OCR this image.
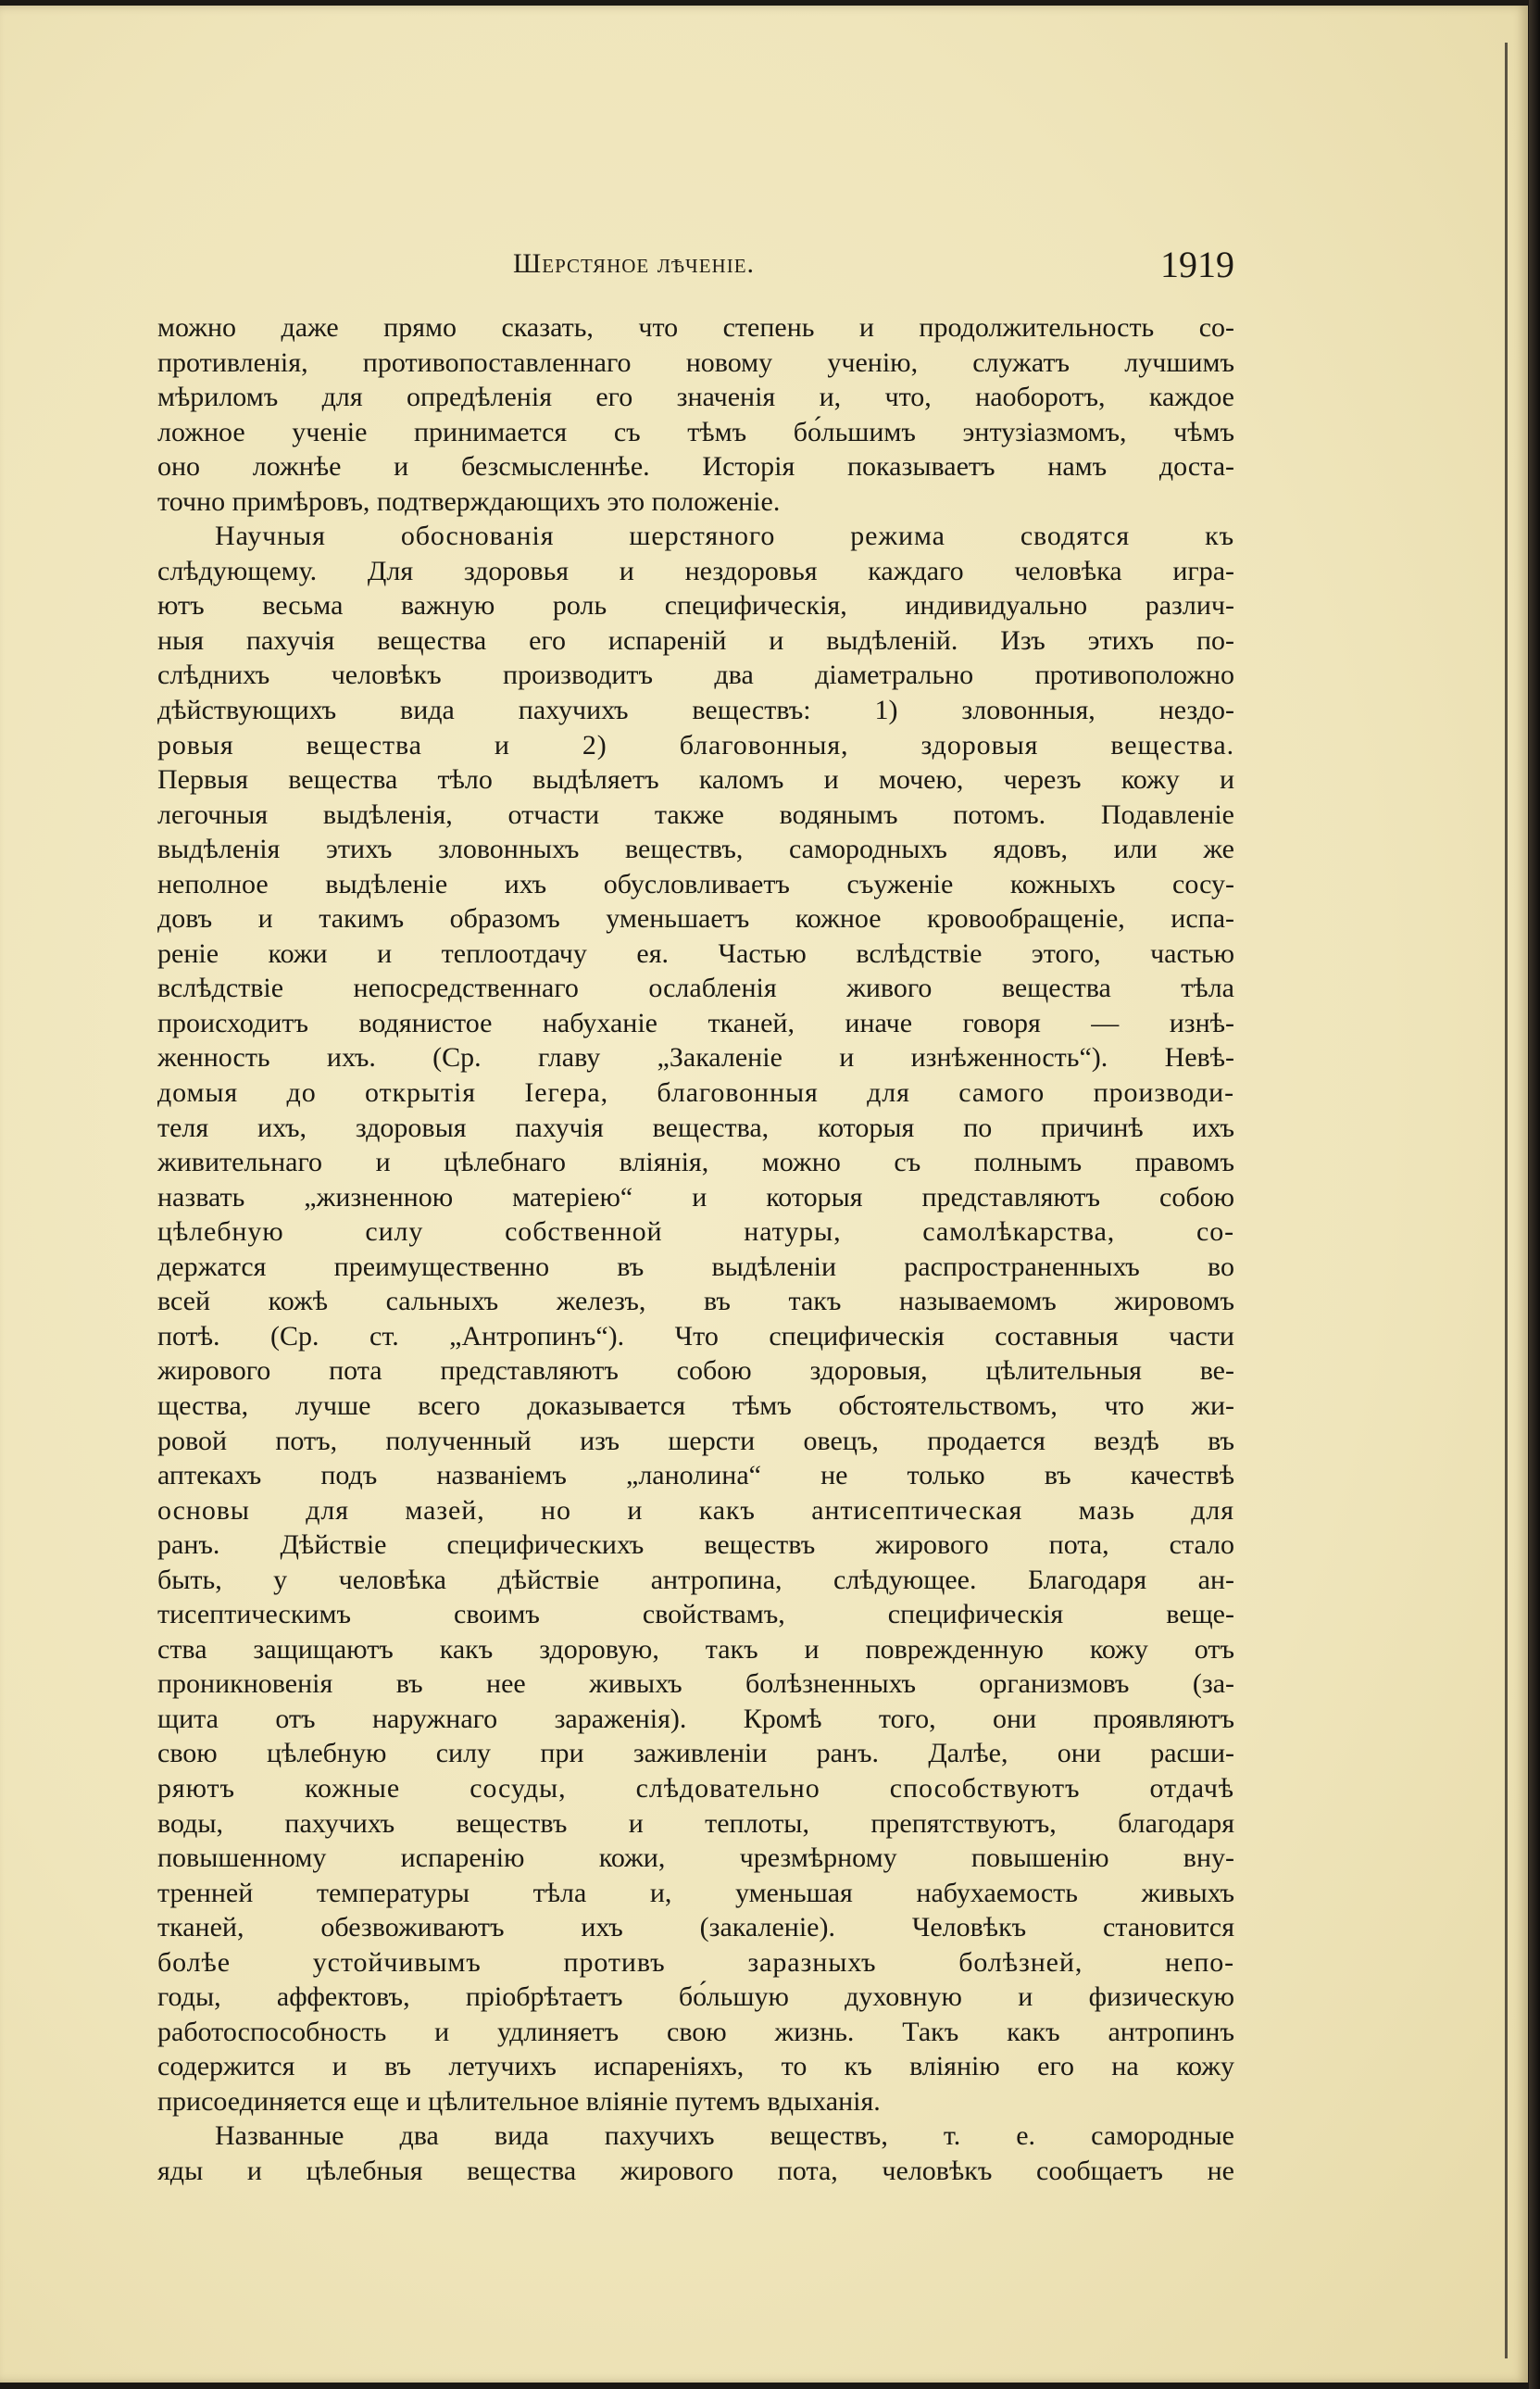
Шерстяное лѣченіе.	1919
можно даже прямо сказать, что степень и продолжительность со-
противленія, противопоставленнаго новому ученію, служатъ лучшимъ
мѣриломъ для опредѣленія его значенія и, что, наоборотъ, каждое
ложное ученіе принимается съ тѣмъ бо́льшимъ энтузіазмомъ, чѣмъ
оно ложнѣе и безсмысленнѣе. Исторія показываетъ намъ доста-
точно примѣровъ, подтверждающихъ это положеніе.
Научныя обоснованія шерстяного режима сводятся къ
слѣдующему. Для здоровья и нездоровья каждаго человѣка игра-
ютъ весьма важную роль специфическія, индивидуально различ-
ныя пахучія вещества его испареній и выдѣленій. Изъ этихъ по-
слѣднихъ человѣкъ производитъ два діаметрально противоположно
дѣйствующихъ вида пахучихъ веществъ: 1) зловонныя, нездо-
ровыя вещества и 2) благовонныя, здоровыя вещества.
Первыя вещества тѣло выдѣляетъ каломъ и мочею, черезъ кожу и
легочныя выдѣленія, отчасти также водянымъ потомъ. Подавленіе
выдѣленія этихъ зловонныхъ веществъ, самородныхъ ядовъ, или же
неполное выдѣленіе ихъ обусловливаетъ съуженіе кожныхъ сосу-
довъ и такимъ образомъ уменьшаетъ кожное кровообращеніе, испа-
реніе кожи и теплоотдачу ея. Частью вслѣдствіе этого, частью
вслѣдствіе непосредственнаго ослабленія живого вещества тѣла
происходитъ водянистое набуханіе тканей, иначе говоря — изнѣ-
женность ихъ. (Ср. главу „Закаленіе и изнѣженность“). Невѣ-
домыя до открытія Iегера, благовонныя для самого производи-
теля ихъ, здоровыя пахучія вещества, которыя по причинѣ ихъ
живительнаго и цѣлебнаго вліянія, можно съ полнымъ правомъ
назвать „жизненною матеріею“ и которыя представляютъ собою
цѣлебную силу собственной натуры, самолѣкарства, со-
держатся преимущественно въ выдѣленіи распространенныхъ во
всей кожѣ сальныхъ железъ, въ такъ называемомъ жировомъ
потѣ. (Ср. ст. „Антропинъ“). Что специфическія составныя части
жирового пота представляютъ собою здоровыя, цѣлительныя ве-
щества, лучше всего доказывается тѣмъ обстоятельствомъ, что жи-
ровой потъ, полученный изъ шерсти овецъ, продается вездѣ въ
аптекахъ подъ названіемъ „ланолина“ не только въ качествѣ
основы для мазей, но и какъ антисептическая мазь для
ранъ. Дѣйствіе специфическихъ веществъ жирового пота, стало
быть, у человѣка дѣйствіе антропина, слѣдующее. Благодаря ан-
тисептическимъ своимъ свойствамъ, специфическія веще-
ства защищаютъ какъ здоровую, такъ и поврежденную кожу отъ
проникновенія въ нее живыхъ болѣзненныхъ организмовъ (за-
щита отъ наружнаго зараженія). Кромѣ того, они проявляютъ
свою цѣлебную силу при заживленіи ранъ. Далѣе, они расши-
ряютъ кожные сосуды, слѣдовательно способствуютъ отдачѣ
воды, пахучихъ веществъ и теплоты, препятствуютъ, благодаря
повышенному испаренію кожи, чрезмѣрному повышенію вну-
тренней температуры тѣла и, уменьшая набухаемость живыхъ
тканей, обезвоживаютъ ихъ (закаленіе). Человѣкъ становится
болѣе устойчивымъ противъ заразныхъ болѣзней, непо-
годы, аффектовъ, пріобрѣтаетъ бо́льшую духовную и физическую
работоспособность и удлиняетъ свою жизнь. Такъ какъ антропинъ
содержится и въ летучихъ испареніяхъ, то къ вліянію его на кожу
присоединяется еще и цѣлительное вліяніе путемъ вдыханія.
Названные два вида пахучихъ веществъ, т. е. самородные
яды и цѣлебныя вещества жирового пота, человѣкъ сообщаетъ не
